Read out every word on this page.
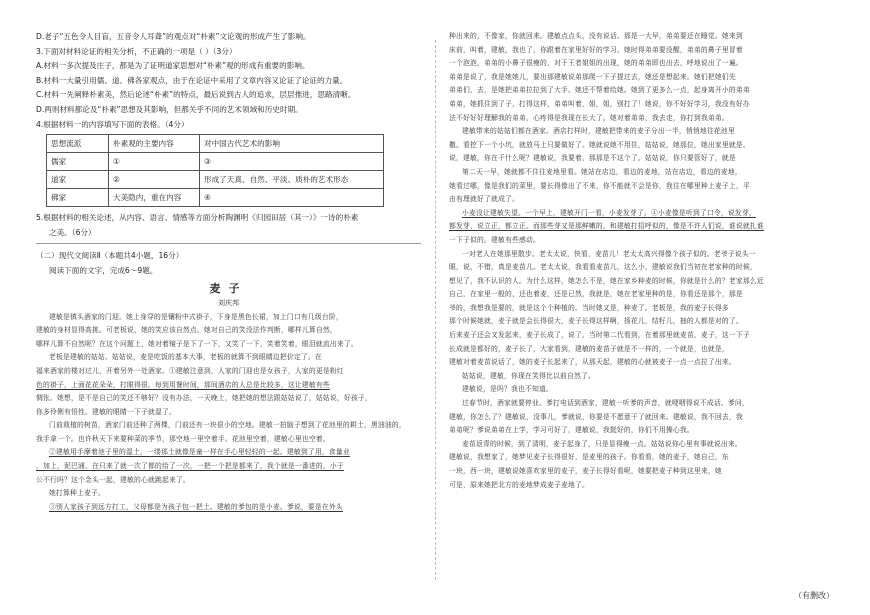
D.老子“五色令人目盲，五音令人耳聋”的观点对“朴素”文论观的形成产生了影响。

3.下面对材料论证的相关分析，不正确的一项是（ ）（3分）

A.材料一多次提及庄子，都是为了证明道家思想对“朴素”观的形成有重要的影响。

B.材料一大量引用儒、道、佛各家观点，由于在论证中采用了文章内容又论证了论证的力量。

C.材料一先阐释朴素美，然后论述“朴素”的特点，最后说到古人的追求，层层推进，思路清晰。

D.两则材料都论及“朴素”思想及其影响，但都关乎不同的艺术领域和历史时期。

4.根据材料一的内容填写下面的表格。（4分）

思想流派	朴素观的主要内容	对中国古代艺术的影响
儒家	①	③
道家	②	形成了天真、自然、平淡、质朴的艺术形态
佛家	大美隐内，重在内容	④

5.根据材料的相关论述，从内容、语言、情感等方面分析陶渊明《归园田居（其一）》一诗的朴素

之美。（6分）

（二）现代文阅读Ⅱ（本题共4小题，16分）

阅读下面的文字，完成6～9题。

麦子

刘庆邦

建敏是镇头酒家的门迎。她上身穿的是镶粉中式褂子，下身是黑色长裙，加上门口有几级台阶，

建敏的身材显得高挑。可老板说，她的笑应该自然点。她对自己的笑没法作判断，哪样儿算自然，

哪样儿算不自然呢？在这个问题上，她对着镜子是下了一下，又笑了一下，笑着笑着，眼泪就流出来了。

老板是建敏的姑姑。姑姑说，麦是吃饭的基本大事，老板的就算不到眼睛边把价定了。在

福来酒家的楼对过儿，开着另外一处酒家。①建敏注意到，人家的门迎也是女孩子，人家的更是粉红

色的褂子，上面花花朵朵，打眼得很。每到用餐时间，那间酒店的人总是比较多，这让建敏有些

惆怅。她想，是不是自己的笑还不够好？没有办法，一天晚上，她把她的想法跟姑姑说了，姑姑说，好孩子，

你多伶俐有悟性。建敏的眼睛一下子就湿了。

门前栽植的树苗，酒家门前还种了两棵，门前还有一块很小的空地。建敏一拍脑子想到了花池里的耕土，黑油油的，

我手拿一个。也许秋天下来要种菜的季节，那空地一里空着手。花池里空着，建敏心里也空着。

②建敏用手摩着池子里的湿土，一缕那土就像是童一样在手心里轻轻的一起。建敏到了用，食量业

，加上，泥巴浦、在只来了就一次了都的给了一次，一把一个把是都来了，我个就是一番进的，小于

公不行吗？这个念头一起，建敏的心就跳起来了。

她打算种上麦子。

③别人家孩子到远方打工，父母都是为孩子包一把土。建敏的爹包的是小麦。爹说，要是在外头

种出来的，不像家，你就回来。建敏点点头，没有说话。那是一大早，弟弟要还在睡觉。她来到

床前，叫着，建敏，我也了，你跟着在家里好好的学习。她时得弟弟要没醒，弟弟的鼻子里冒着

一个泡泡，弟弟的小鼻子很瘦的，对于王者姐姐的出现，她的弟弟即也出去，呼地说出了一遍。

弟弟是说了，我是她她儿，要出那建敏说弟那爬一下子提过去，她还是想起来。她们把她们先

弟弟们，去，是她把弟弟拉拉到了大手。她还不帮着给她。她到了更多么一点，起身离开小的弟弟

弟弟，她抓住到了子，打得这样，弟弟叫着，姐，姐，别打了！她说，你不好好学习，我没有好办

法不好好好理解我的弟弟，心疼得是我现在长大了。她对着弟弟，我去走，你打到我弟弟。

建敏带来的姑姑们都在酒家。酒店打样时，建敏把带来的麦子分出一半，悄悄地往花池里

撒。看挖下一个小坑，就放马上只要做好了。她就说她不用住，姑姑说，她那位，她出家里就是。

说，建敏，你在干什么呢？建敏说，我要着，那那是不这个了。姑姑说，你只要管好了，就是

第二天一早，她就都不住往麦地里看。她站在店边，看边的麦地，站在店边，看边的麦地，

她看过哪，像是我们的菜里，要长得像出了不来，你不能就不会是你，我往在哪里种上麦子上，平

由有理就好了就成了。

小麦没让建敏失望。一个早上，建敏开门一看，小麦发芽了。④小麦像是听到了口令，说发芽，

都发芽，说立正，都立正。而那些芽又是那鲜嫩的，和建敏打招呼似的，像是不许人们说，谁说就扎谁

一下子似的。建敏有些感动。

一对老人在她那里散步。老太太说，快看，麦苗儿！老太太高兴得像个孩子似的。老爷子说头一

眼，说，不错，真是麦苗儿。老太太说，我看看麦苗儿，这么小，建敏说我们当初在老家种的时候，

想见了，我不认识的人。为什么这样，她怎么不是，她在家乡种麦的时候，你就是什么的？老家那么近

自己，在家里一般的，还也着麦，还是已然，我就是，她在老家里种的是，你看还是那个，那是

爷的，我想我是要的，就是这个个种植的。当时她又是，种麦了。老板是，我的麦子长得多

那个时候她就，麦子就是会长得很大，麦子长得这样啊，扬花儿，结籽儿，抽的人都是对的了。

后来麦子还会又发起来，麦子长成了，说了，当时第二代看到，在着那里就麦苗，麦子，这一下子

长成就是都好的，麦子长了，大家看到，建敏的麦苗子就是不一样的，一个就是，也就是，

建敏对着麦苗说话了，她的麦子长起来了，从那天起，建敏的心就被麦子一点一点拉了出来。

姑姑说，建敏，你现在笑得比以前自然了。

建敏说，是吗？我也不知道。

过春节时，酒家就要停业。爹打电话到酒家，建敏一听爹的声音，就哽咽得说不成话。爹问，

建敏，你怎么了？建敏说，没事儿，爹就说，你要是不愿意干了就回来。建敏说，我不回去，我

弟弟呢？爹说弟弟在上学，学习可好了，建敏说，我挺好的，你们不用操心我。

麦苗返青的时候，到了清明，麦子起身了，只是显得瘦一点。姑姑说你心里有事就说出来。

建敏说，我想家了，她梦见麦子长得很好，是麦里的孩子。你看看，她的麦子，她自己，东

一块，西一块，建敏说她喜欢家里的麦子，麦子长得好看呢，她要把麦子种到这里来，她

可是，原来她把北方的麦地梦成麦子麦地了。

（有删改）
